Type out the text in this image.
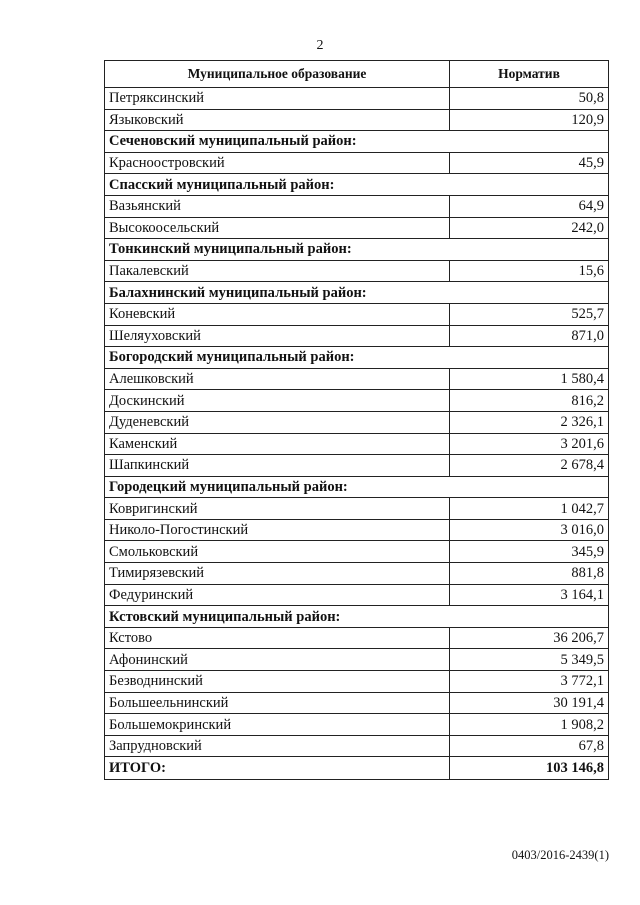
2
Муниципальное образование	Норматив
Петряксинский	50,8
Языковский	120,9
Сеченовский муниципальный район:	
Красноостровский	45,9
Спасский муниципальный район:	
Вазьянский	64,9
Высокоосельский	242,0
Тонкинский муниципальный район:	
Пакалевский	15,6
Балахнинский муниципальный район:	
Коневский	525,7
Шеляуховский	871,0
Богородский муниципальный район:	
Алешковский	1 580,4
Доскинский	816,2
Дуденевский	2 326,1
Каменский	3 201,6
Шапкинский	2 678,4
Городецкий муниципальный район:	
Ковригинский	1 042,7
Николо-Погостинский	3 016,0
Смольковский	345,9
Тимирязевский	881,8
Федуринский	3 164,1
Кстовский муниципальный район:	
Кстово	36 206,7
Афонинский	5 349,5
Безводнинский	3 772,1
Большеельнинский	30 191,4
Большемокринский	1 908,2
Запрудновский	67,8
ИТОГО:	103 146,8
0403/2016-2439(1)
